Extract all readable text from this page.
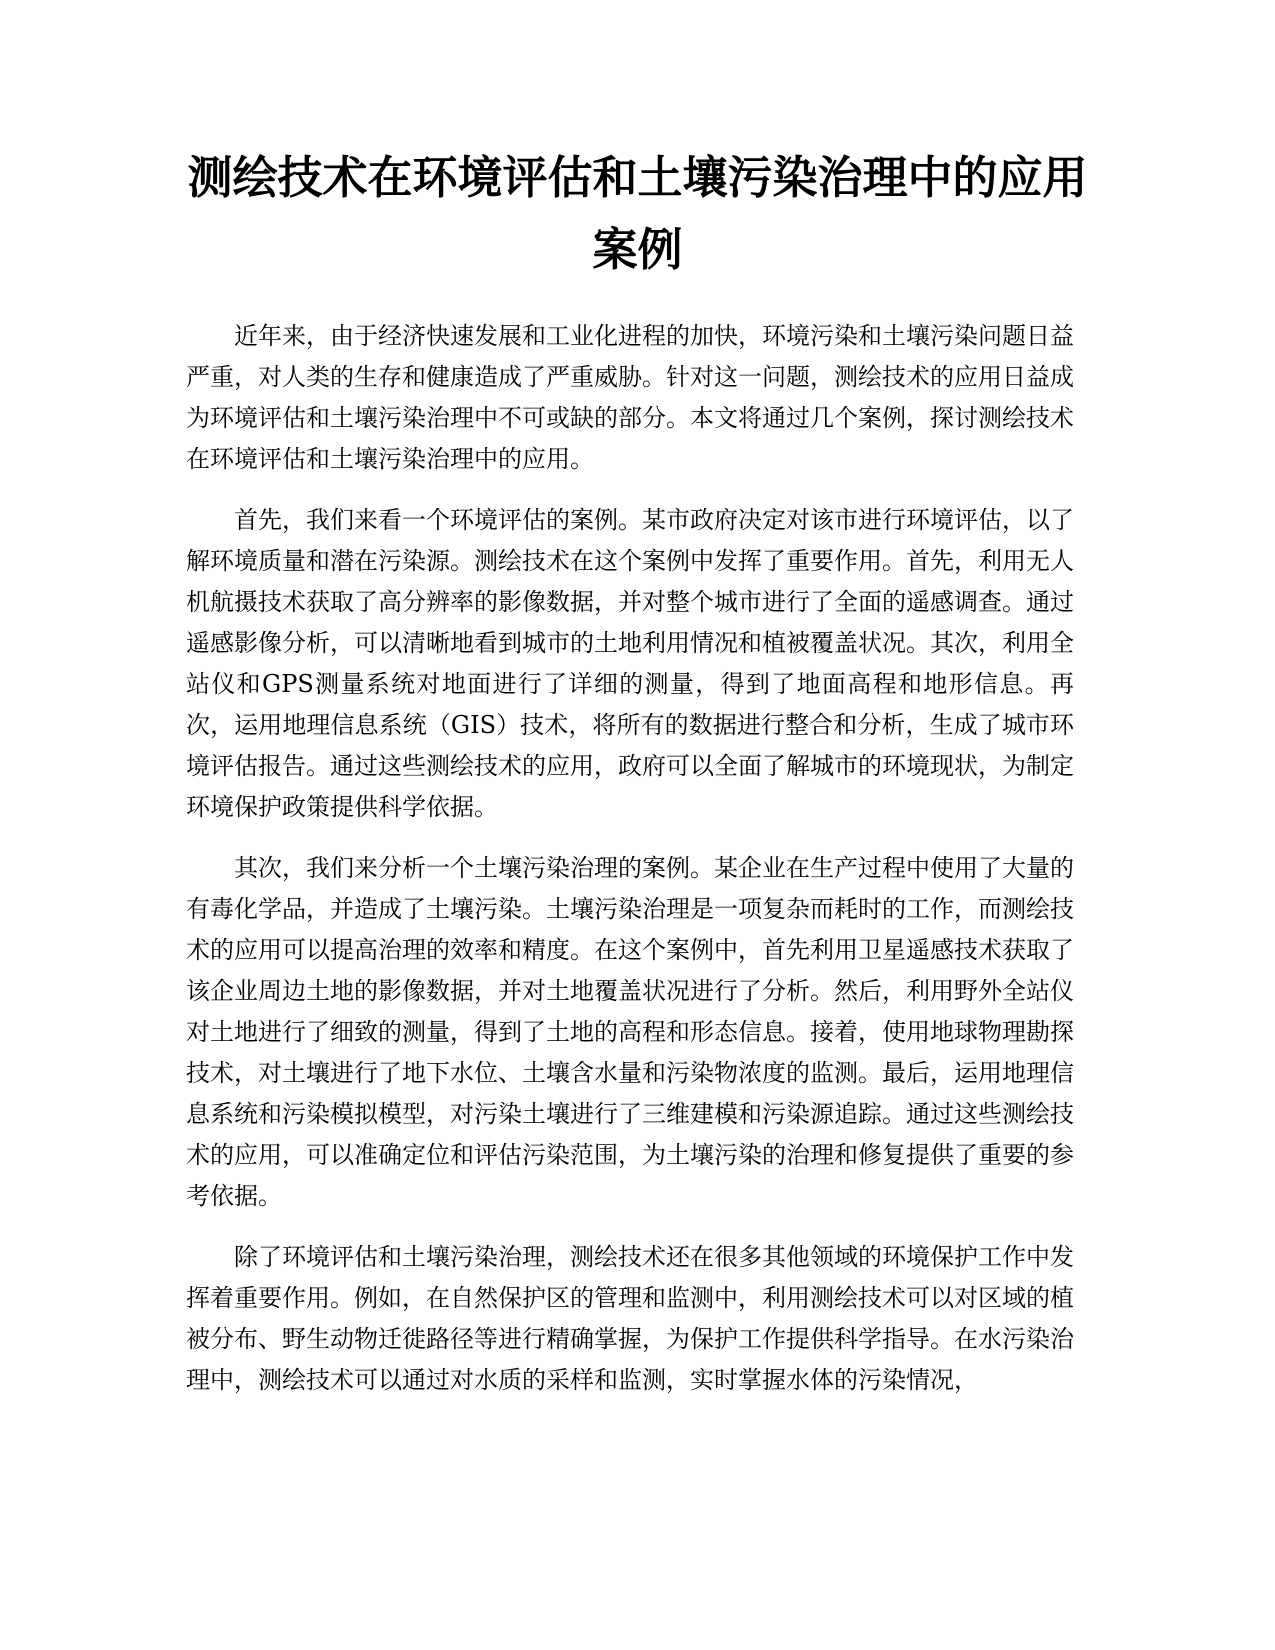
测绘技术在环境评估和土壤污染治理中的应用案例

近年来，由于经济快速发展和工业化进程的加快，环境污染和土壤污染问题日益严重，对人类的生存和健康造成了严重威胁。针对这一问题，测绘技术的应用日益成为环境评估和土壤污染治理中不可或缺的部分。本文将通过几个案例，探讨测绘技术在环境评估和土壤污染治理中的应用。

首先，我们来看一个环境评估的案例。某市政府决定对该市进行环境评估，以了解环境质量和潜在污染源。测绘技术在这个案例中发挥了重要作用。首先，利用无人机航摄技术获取了高分辨率的影像数据，并对整个城市进行了全面的遥感调查。通过遥感影像分析，可以清晰地看到城市的土地利用情况和植被覆盖状况。其次，利用全站仪和GPS测量系统对地面进行了详细的测量，得到了地面高程和地形信息。再次，运用地理信息系统（GIS）技术，将所有的数据进行整合和分析，生成了城市环境评估报告。通过这些测绘技术的应用，政府可以全面了解城市的环境现状，为制定环境保护政策提供科学依据。

其次，我们来分析一个土壤污染治理的案例。某企业在生产过程中使用了大量的有毒化学品，并造成了土壤污染。土壤污染治理是一项复杂而耗时的工作，而测绘技术的应用可以提高治理的效率和精度。在这个案例中，首先利用卫星遥感技术获取了该企业周边土地的影像数据，并对土地覆盖状况进行了分析。然后，利用野外全站仪对土地进行了细致的测量，得到了土地的高程和形态信息。接着，使用地球物理勘探技术，对土壤进行了地下水位、土壤含水量和污染物浓度的监测。最后，运用地理信息系统和污染模拟模型，对污染土壤进行了三维建模和污染源追踪。通过这些测绘技术的应用，可以准确定位和评估污染范围，为土壤污染的治理和修复提供了重要的参考依据。

除了环境评估和土壤污染治理，测绘技术还在很多其他领域的环境保护工作中发挥着重要作用。例如，在自然保护区的管理和监测中，利用测绘技术可以对区域的植被分布、野生动物迁徙路径等进行精确掌握，为保护工作提供科学指导。在水污染治理中，测绘技术可以通过对水质的采样和监测，实时掌握水体的污染情况，
